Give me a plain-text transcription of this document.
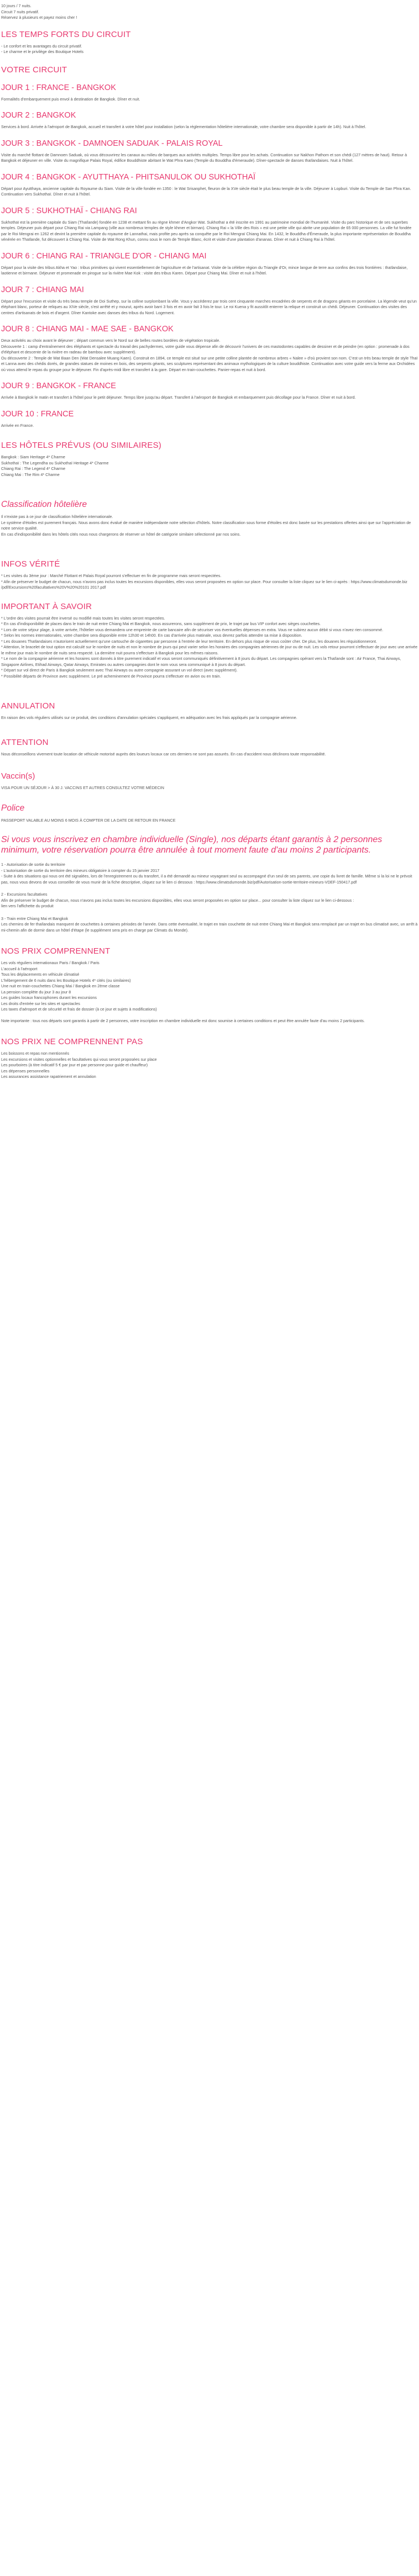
10 jours / 7 nuits.

Circuit 7 nuits privatif.

Réservez à plusieurs et payez moins cher !

LES TEMPS FORTS DU CIRCUIT

- Le confort et les avantages du circuit privatif.

- Le charme et le privilège des Boutique Hotels

VOTRE CIRCUIT
JOUR 1 : FRANCE - BANGKOK

Formalités d'embarquement puis envol à destination de Bangkok. Dîner et nuit.

JOUR 2 : BANGKOK

Services à bord. Arrivée à l'aéroport de Bangkok, accueil et transfert à votre hôtel pour installation (selon la réglementation hôtelière internationale, votre chambre sera disponible à partir de 14h). Nuit à l'hôtel.

JOUR 3 : BANGKOK - DAMNOEN SADUAK - PALAIS ROYAL

Visite du marché flottant de Damnoen Saduak, où vous découvrirez les canaux au milieu de barques aux activités multiples. Temps libre pour les achats. Continuation sur Nakhon Pathom et son chédi (127 mètres de haut). Retour à Bangkok et déjeuner en ville. Visite du magnifique Palais Royal, édifice Bouddhiste abritant le Wat Phra Kaeo (Temple du Bouddha d'émeraude). Dîner-spectacle de danses thaïlandaises. Nuit à l'hôtel.

JOUR 4 : BANGKOK - AYUTTHAYA - PHITSANULOK OU SUKHOTHAÏ

Départ pour Ayutthaya, ancienne capitale du Royaume du Siam. Visite de la ville fondée en 1350 : le Wat Srisanphet, fleuron de la XVe siècle était le plus beau temple de la ville. Déjeuner à Lopburi. Visite du Temple de San Phra Kan. Continuation vers Sukhothaï. Dîner et nuit à l'hôtel.

JOUR 5 : SUKHOTHAÏ - CHIANG RAI

Sukhothaï est la première capitale du Siam (Thaïlande) fondée en 1238 et mettant fin au règne khmer d'Angkor Wat. Sukhothaï a été inscrite en 1991 au patrimoine mondial de l'humanité. Visite du parc historique et de ses superbes temples. Déjeuner puis départ pour Chiang Rai via Lampang (ville aux nombreux temples de style khmer et birman). Chiang Rai « la Ville des Rois » est une petite ville qui abrite une population de 65 000 personnes. La ville fut fondée par le Roi Mengrai en 1262 et devint la première capitale du royaume de Lannathai, mais profite peu après sa conquête par le Roi Mengraï Chiang Mai. En 1432, le Bouddha d'Émeraude, la plus importante représentation de Bouddha vénérée en Thaïlande, fut découvert à Chiang Rai. Visite de Wat Rong Khun, connu sous le nom de Temple Blanc, écrit et visite d'une plantation d'ananas. Dîner et nuit à Chiang Rai à l'hôtel.

JOUR 6 : CHIANG RAI - TRIANGLE D'OR - CHIANG MAI

Départ pour la visite des tribus Akha et Yao : tribus primitives qui vivent essentiellement de l'agriculture et de l'artisanat. Visite de la célèbre région du Triangle d'Or, mince langue de terre aux confins des trois frontières : thaïlandaise, laotienne et birmane. Déjeuner et promenade en pirogue sur la rivière Mae Kok : visite des tribus Karen. Départ pour Chiang Mai. Dîner et nuit à l'hôtel.

JOUR 7 : CHIANG MAI

Départ pour l'excursion et visite du très beau temple de Doi Suthep, sur la colline surplombant la ville. Vous y accèderez par trois cent cinquante marches encadrées de serpents et de dragons géants en porcelaine. La légende veut qu'un éléphant blanc, porteur de reliques au XIVe siècle, s'est arrêté et y mourut, après avoir barri 3 fois et en avoir fait 3 fois le tour. Le roi Kuena y fit aussitôt enterrer la relique et construit un chédi. Déjeuner. Continuation des visites des centres d'artisanats de bois et d'argent. Dîner Kantoke avec danses des tribus du Nord. Logement.

JOUR 8 : CHIANG MAI - MAE SAE - BANGKOK

Deux activités au choix avant le déjeuner ; départ commun vers le Nord sur de belles routes bordées de végétation tropicale.
Découverte 1 : camp d'entraînement des éléphants et spectacle du travail des pachydermes, votre guide vous dépense afin de découvrir l'univers de ces mastodontes capables de dessiner et de peindre (en option : promenade à dos d'éléphant et descente de la rivière en radeau de bambou avec supplément).
Ou découverte 2 : Temple de Wat Baan Den (Wat Densalee Muang Kaen). Construit en 1894, ce temple est situé sur une petite colline plantée de nombreux arbres « Nalee » d'où provient son nom. C'est un très beau temple de style Thaï et Lanna avec des chédis dorés, de grandes statues de moines en bois, des serpents géants, ses sculptures représentant des animaux mythologiques de la culture bouddhiste. Continuation avec votre guide vers la ferme aux Orchidées où vous attend le repas du groupe pour le déjeuner. Fin d'après-midi libre et transfert à la gare. Départ en train-couchettes. Panier-repas et nuit à bord.

JOUR 9 : BANGKOK - FRANCE

Arrivée à Bangkok le matin et transfert à l'hôtel pour le petit déjeuner. Temps libre jusqu'au départ. Transfert à l'aéroport de Bangkok et embarquement puis décollage pour la France. Dîner et nuit à bord.

JOUR 10 : FRANCE

Arrivée en France.

LES HÔTELS PRÉVUS (OU SIMILAIRES)

Bangkok : Siam Heritage 4* Charme

Sukhothaï : The Legendha ou Sukhothaï Heritage 4* Charme

Chiang Rai : The Legend 4* Charme

Chiang Mai : The Rim 4* Charme

Classification hôtelière

Il n'existe pas à ce jour de classification hôtelière internationale.

Le système d'étoiles est purement français. Nous avons donc évalué de manière indépendante notre sélection d'hôtels. Notre classification sous forme d'étoiles est donc basée sur les prestations offertes ainsi que sur l'appréciation de notre service qualité.

En cas d'indisponibilité dans les hôtels cités nous nous chargerons de réserver un hôtel de catégorie similaire sélectionné par nos soins.

INFOS VÉRITÉ

* Les visites du 3ème jour : Marché Flottant et Palais Royal pourront s'effectuer en fin de programme mais seront respectées.

* Afin de préserver le budget de chacun, nous n'avons pas inclus toutes les excursions disponibles, elles vous seront proposées en option sur place. Pour consulter la liste cliquez sur le lien ci-après : https://www.climatsdumonde.biz /pdf/Excursions%20facultatives%20V%20%20101 2017.pdf

IMPORTANT À SAVOIR

* L'ordre des visites pourrait être inversé ou modifié mais toutes les visites seront respectées.

* En cas d'indisponibilité de places dans le train de nuit entre Chiang Mai et Bangkok, nous assurerons, sans supplément de prix, le trajet par bus VIP confort avec sièges couchettes.

* Lors de votre séjour plage, à votre arrivée, l'hôtelier vous demandera une empreinte de carte bancaire afin de sécuriser vos éventuelles dépenses en extra. Vous ne subirez aucun débit si vous n'avez rien consommé.

* Selon les normes internationales, votre chambre sera disponible entre 12h30 et 14h00. En cas d'arrivée plus matinale, vous devrez parfois attendre sa mise à disposition.

* Les douanes Thaïlandaises n'autorisent actuellement qu'une cartouche de cigarettes par personne à l'entrée de leur territoire. En dehors plus risque de vous coûter cher. De plus, les douanes les réquisitionneront.

* Attention, le bracelet de tout option est calculé sur le nombre de nuits et non le nombre de jours qui peut varier selon les horaires des compagnies aériennes de jour ou de nuit. Les vols retour pourront s'effectuer de jour avec une arrivée le même jour mais le nombre de nuits sera respecté. La dernière nuit pourra s'effectuer à Bangkok pour les mêmes raisons.

* Le nom de la compagnie aérienne et les horaires sont donnés à titre purement indicatif et vous seront communiqués définitivement à 8 jours du départ. Les compagnies opérant vers la Thaïlande sont : Air France, Thai Airways, Singapore Airlines, Etihad Airways, Qatar Airways, Emirates ou autres compagnies dont le nom vous sera communiqué à 8 jours du départ.

* Départ sur vol direct de Paris à Bangkok seulement avec Thaï Airways ou autre compagnie assurant un vol direct (avec supplément).

* Possibilité départs de Province avec supplément. Le pré acheminement de Province pourra s'effectuer en avion ou en train.

ANNULATION

En raison des vols réguliers utilisés sur ce produit, des conditions d'annulation spéciales s'appliquent, en adéquation avec les frais appliqués par la compagnie aérienne.

ATTENTION

Nous déconseillons vivement toute location de véhicule motorisé auprès des loueurs locaux car ces derniers ne sont pas assurés. En cas d'accident nous déclinons toute responsabilité.

Vaccin(s)

VISA POUR UN SÉJOUR > À 30 J. VACCINS ET AUTRES CONSULTEZ VOTRE MÉDECIN

Police

PASSEPORT VALABLE AU MOINS 6 MOIS À COMPTER DE LA DATE DE RETOUR EN FRANCE

Si vous vous inscrivez en chambre individuelle (Single), nos départs étant garantis à 2 personnes minimum, votre réservation pourra être annulée à tout moment faute d'au moins 2 participants.

1 - Autorisation de sortie du territoire

- L'autorisation de sortie du territoire des mineurs obligatoire à compter du 15 janvier 2017

- Suite à des situations qui nous ont été signalées, lors de l'enregistrement ou du transfert, il a été demandé au mineur voyageant seul ou accompagné d'un seul de ses parents, une copie du livret de famille. Même si la loi ne le prévoit pas, nous vous devons de vous conseiller de vous munir de la fiche descriptive, cliquez sur le lien ci dessous : https://www.climatsdumonde.biz/pdf/Autorisation-sortie-territoire-mineurs-VDEF-150417.pdf

2 - Excursions facultatives

Afin de préserver le budget de chacun, nous n'avons pas inclus toutes les excursions disponibles, elles vous seront proposées en option sur place... pour consulter la liste cliquez sur le lien ci-dessous :

lien vers l'affichette du produit

3 - Train entre Chiang Mai et Bangkok

Les chemins de fer thaïlandais manquent de couchettes à certaines périodes de l'année. Dans cette éventualité, le trajet en train couchette de nuit entre Chiang Mai et Bangkok sera remplacé par un trajet en bus climatisé avec, un arrêt à mi-chemin afin de dormir dans un hôtel d'étape (le supplément sera pris en charge par Climats du Monde).

NOS PRIX COMPRENNENT

Les vols réguliers internationaux Paris / Bangkok / Paris

L'accueil à l'aéroport

Tous les déplacements en véhicule climatisé

L'hébergement de 6 nuits dans les Boutique Hotels 4* cités (ou similaires)

Une nuit en train-couchettes Chiang Mai / Bangkok en 2ème classe

La pension complète du jour 3 au jour 8

Les guides locaux francophones durant les excursions

Les droits d'entrée sur les sites et spectacles

Les taxes d'aéroport et de sécurité et frais de dossier (à ce jour et sujets à modifications)

Note importante : tous nos départs sont garantis à partir de 2 personnes, votre inscription en chambre individuelle est donc soumise à certaines conditions et peut être annulée faute d'au moins 2 participants.

NOS PRIX NE COMPRENNENT PAS

Les boissons et repas non mentionnés

Les excursions et visites optionnelles et facultatives qui vous seront proposées sur place

Les pourboires (à titre indicatif 5 € par jour et par personne pour guide et chauffeur)

Les dépenses personnelles

Les assurances assistance rapatriement et annulation
